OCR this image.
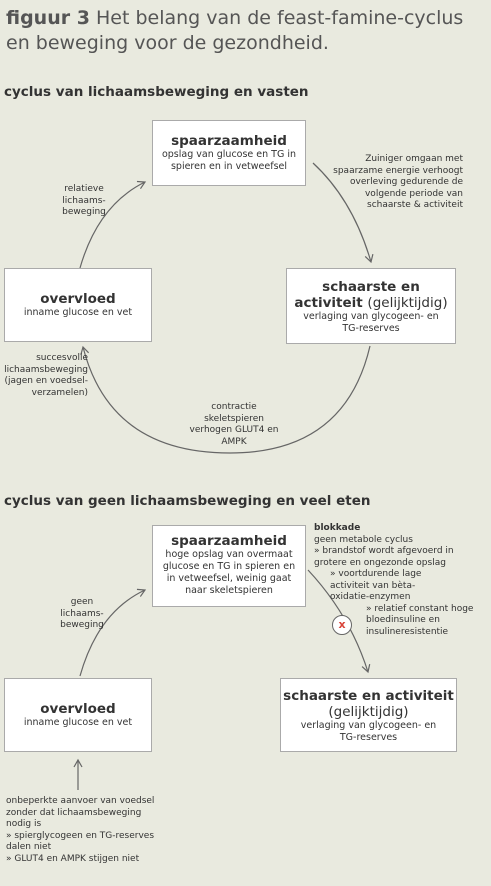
figuur 3 Het belang van de feast-famine-cyclus en beweging voor de gezondheid.
cyclus van lichaamsbeweging en vasten
spaarzaamheid
opslag van glucose en TG in spieren en in vetweefsel
schaarste en activiteit (gelijktijdig)
verlaging van glycogeen- en TG-reserves
overvloed
inname glucose en vet
relatieve lichaams- beweging
Zuiniger omgaan met spaarzame energie verhoogt overleving gedurende de volgende periode van schaarste & activiteit
succesvolle lichaamsbeweging (jagen en voedsel- verzamelen)
contractie skeletspieren verhogen GLUT4 en AMPK
cyclus van geen lichaamsbeweging en veel eten
spaarzaamheid
hoge opslag van overmaat glucose en TG in spieren en in vetweefsel, weinig gaat naar skeletspieren
schaarste en activiteit (gelijktijdig)
verlaging van glycogeen- en TG-reserves
overvloed
inname glucose en vet
geen lichaams- beweging
blokkade
geen metabole cyclus
» brandstof wordt afgevoerd in grotere en ongezonde opslag
» voortdurende lage activiteit van bèta- oxidatie-enzymen
» relatief constant hoge bloedinsuline en insulineresistentie
x
onbeperkte aanvoer van voedsel zonder dat lichaamsbeweging nodig is
» spierglycogeen en TG-reserves dalen niet
» GLUT4 en AMPK stijgen niet
